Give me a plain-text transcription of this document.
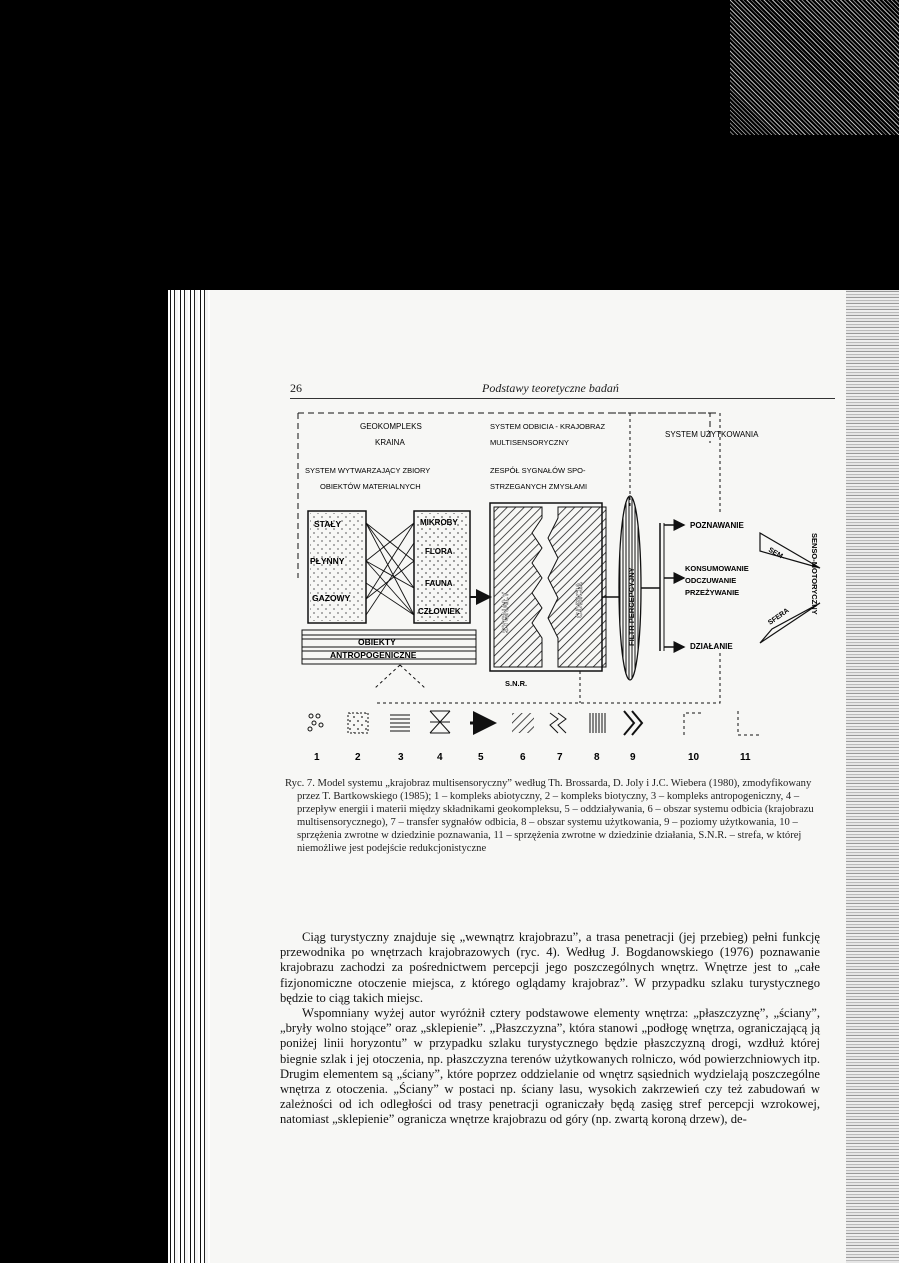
26	Podstawy teoretyczne badań
GEOKOMPLEKS
KRAINA
SYSTEM WYTWARZAJĄCY ZBIORY
OBIEKTÓW MATERIALNYCH
SYSTEM ODBICIA - KRAJOBRAZ
MULTISENSORYCZNY
ZESPÓŁ SYGNAŁÓW SPO-
STRZEGANYCH ZMYSŁAMI
SYSTEM UŻYTKOWANIA
STAŁY
PŁYNNY
GAZOWY
MIKROBY
FLORA
FAUNA
CZŁOWIEK
OBIEKTY
ANTROPOGENICZNE
SYGNAŁY	ODBICIA	FILTR PERCEPCYJNY
POZNAWANIE
KONSUMOWANIE
ODCZUWANIE
PRZEŻYWANIE
DZIAŁANIE
SEM-
SFERA
SENSO-MOTORYCZNY
S.N.R.
1	2	3	4	5	6	7	8	9	10	11

Ryc. 7. Model systemu „krajobraz multisensoryczny” według Th. Brossarda, D. Joly i J.C. Wiebera (1980), zmodyfikowany przez T. Bartkowskiego (1985); 1 – kompleks abiotyczny, 2 – kompleks biotyczny, 3 – kompleks antropogeniczny, 4 – przepływ energii i materii między składnikami geokompleksu, 5 – oddziaływania, 6 – obszar systemu odbicia (krajobrazu multisensorycznego), 7 – transfer sygnałów odbicia, 8 – obszar systemu użytkowania, 9 – poziomy użytkowania, 10 – sprzężenia zwrotne w dziedzinie poznawania, 11 – sprzężenia zwrotne w dziedzinie działania, S.N.R. – strefa, w której niemożliwe jest podejście redukcjonistyczne

Ciąg turystyczny znajduje się „wewnątrz krajobrazu”, a trasa penetracji (jej przebieg) pełni funkcję przewodnika po wnętrzach krajobrazowych (ryc. 4). Według J. Bogdanowskiego (1976) poznawanie krajobrazu zachodzi za pośrednictwem percepcji jego poszczególnych wnętrz. Wnętrze jest to „całe fizjonomiczne otoczenie miejsca, z którego oglądamy krajobraz”. W przypadku szlaku turystycznego będzie to ciąg takich miejsc.

Wspomniany wyżej autor wyróżnił cztery podstawowe elementy wnętrza: „płaszczyznę”, „ściany”, „bryły wolno stojące” oraz „sklepienie”. „Płaszczyzna”, która stanowi „podłogę wnętrza, ograniczającą ją poniżej linii horyzontu” w przypadku szlaku turystycznego będzie płaszczyzną drogi, wzdłuż której biegnie szlak i jej otoczenia, np. płaszczyzna terenów użytkowanych rolniczo, wód powierzchniowych itp. Drugim elementem są „ściany”, które poprzez oddzielanie od wnętrz sąsiednich wydzielają poszczególne wnętrza z otoczenia. „Ściany” w postaci np. ściany lasu, wysokich zakrzewień czy też zabudowań w zależności od ich odległości od trasy penetracji ograniczały będą zasięg stref percepcji wzrokowej, natomiast „sklepienie” ogranicza wnętrze krajobrazu od góry (np. zwartą koroną drzew), de-
